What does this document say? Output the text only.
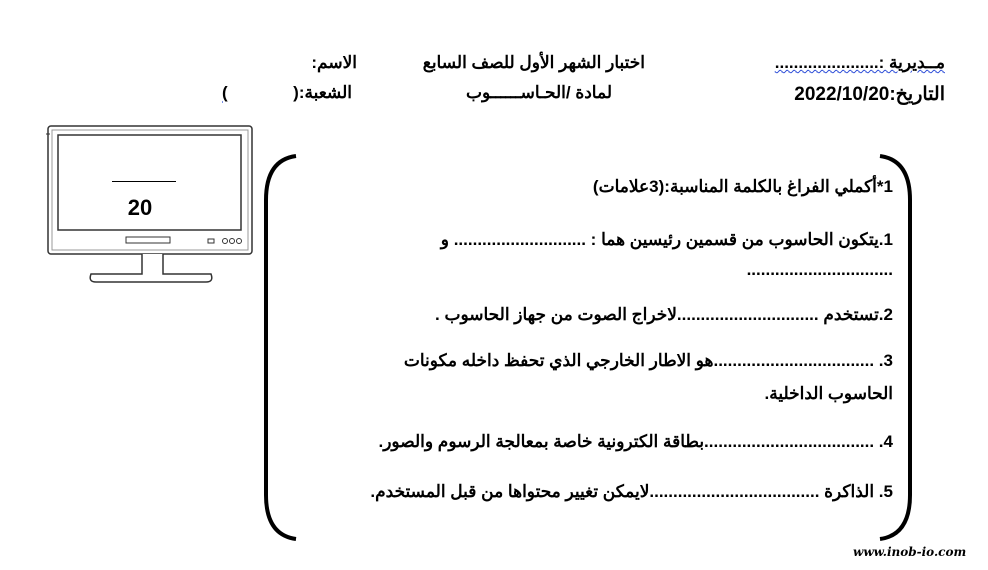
مــديرية :......................
اختبار الشهر الأول للصف السابع
الاسم:
التاريخ:2022/10/20
لمادة /الحـاســــــوب
الشعبة:(
)
20
1*أكملي الفراغ بالكلمة المناسبة:(3علامات)
1.يتكون الحاسوب من قسمين رئيسين هما : ............................ و
...............................
2.تستخدم ..............................لاخراج الصوت من جهاز الحاسوب .
3. ..................................هو الاطار الخارجي الذي تحفظ داخله مكونات
الحاسوب الداخلية.
4. ....................................بطاقة الكترونية خاصة بمعالجة الرسوم والصور.
5. الذاكرة ....................................لايمكن تغيير محتواها من قبل المستخدم.
www.inob-io.com
